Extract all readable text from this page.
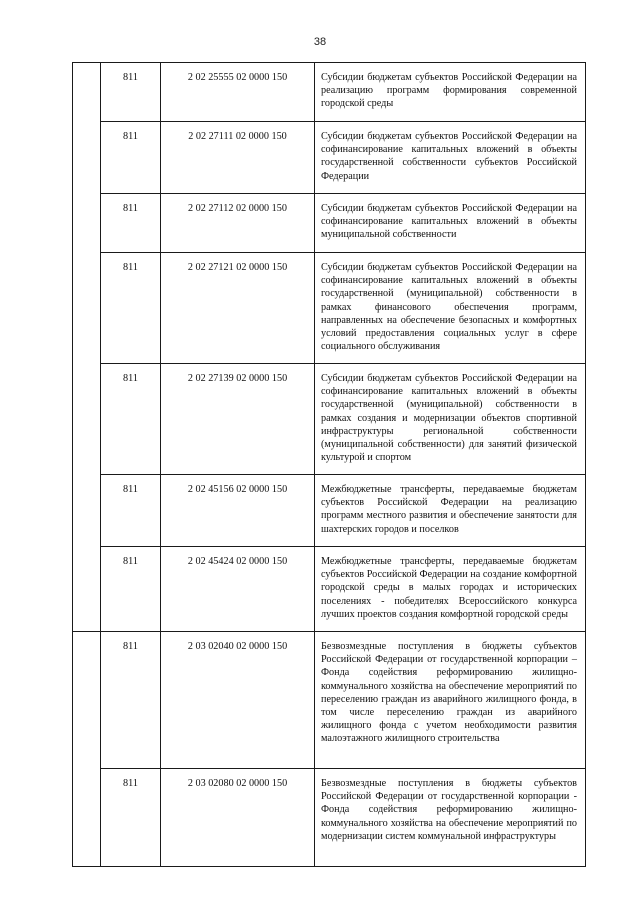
38
	811	2 02 25555 02 0000 150	Субсидии бюджетам субъектов Российской Федерации на реализацию программ формирования современной городской среды
	811	2 02 27111 02 0000 150	Субсидии бюджетам субъектов Российской Федерации на софинансирование капитальных вложений в объекты государственной собственности субъектов Российской Федерации
	811	2 02 27112 02 0000 150	Субсидии бюджетам субъектов Российской Федерации на софинансирование капитальных вложений в объекты муниципальной собственности
	811	2 02 27121 02 0000 150	Субсидии бюджетам субъектов Российской Федерации на софинансирование капитальных вложений в объекты государственной (муниципальной) собственности в рамках финансового обеспечения программ, направленных на обеспечение безопасных и комфортных условий предоставления социальных услуг в сфере социального обслуживания
	811	2 02 27139 02 0000 150	Субсидии бюджетам субъектов Российской Федерации на софинансирование капитальных вложений в объекты государственной (муниципальной) собственности в рамках создания и модернизации объектов спортивной инфраструктуры региональной собственности (муниципальной собственности) для занятий физической культурой и спортом
	811	2 02 45156 02 0000 150	Межбюджетные трансферты, передаваемые бюджетам субъектов Российской Федерации на реализацию программ местного развития и обеспечение занятости для шахтерских городов и поселков
	811	2 02 45424 02 0000 150	Межбюджетные трансферты, передаваемые бюджетам субъектов Российской Федерации на создание комфортной городской среды в малых городах и исторических поселениях - победителях Всероссийского конкурса лучших проектов создания комфортной городской среды
	811	2 03 02040 02 0000 150	Безвозмездные поступления в бюджеты субъектов Российской Федерации от государственной корпорации – Фонда содействия реформированию жилищно-коммунального хозяйства на обеспечение мероприятий по переселению граждан из аварийного жилищного фонда, в том числе переселению граждан из аварийного жилищного фонда с учетом необходимости развития малоэтажного жилищного строительства
	811	2 03 02080 02 0000 150	Безвозмездные поступления в бюджеты субъектов Российской Федерации от государственной корпорации - Фонда содействия реформированию жилищно-коммунального хозяйства на обеспечение мероприятий по модернизации систем коммунальной инфраструктуры
